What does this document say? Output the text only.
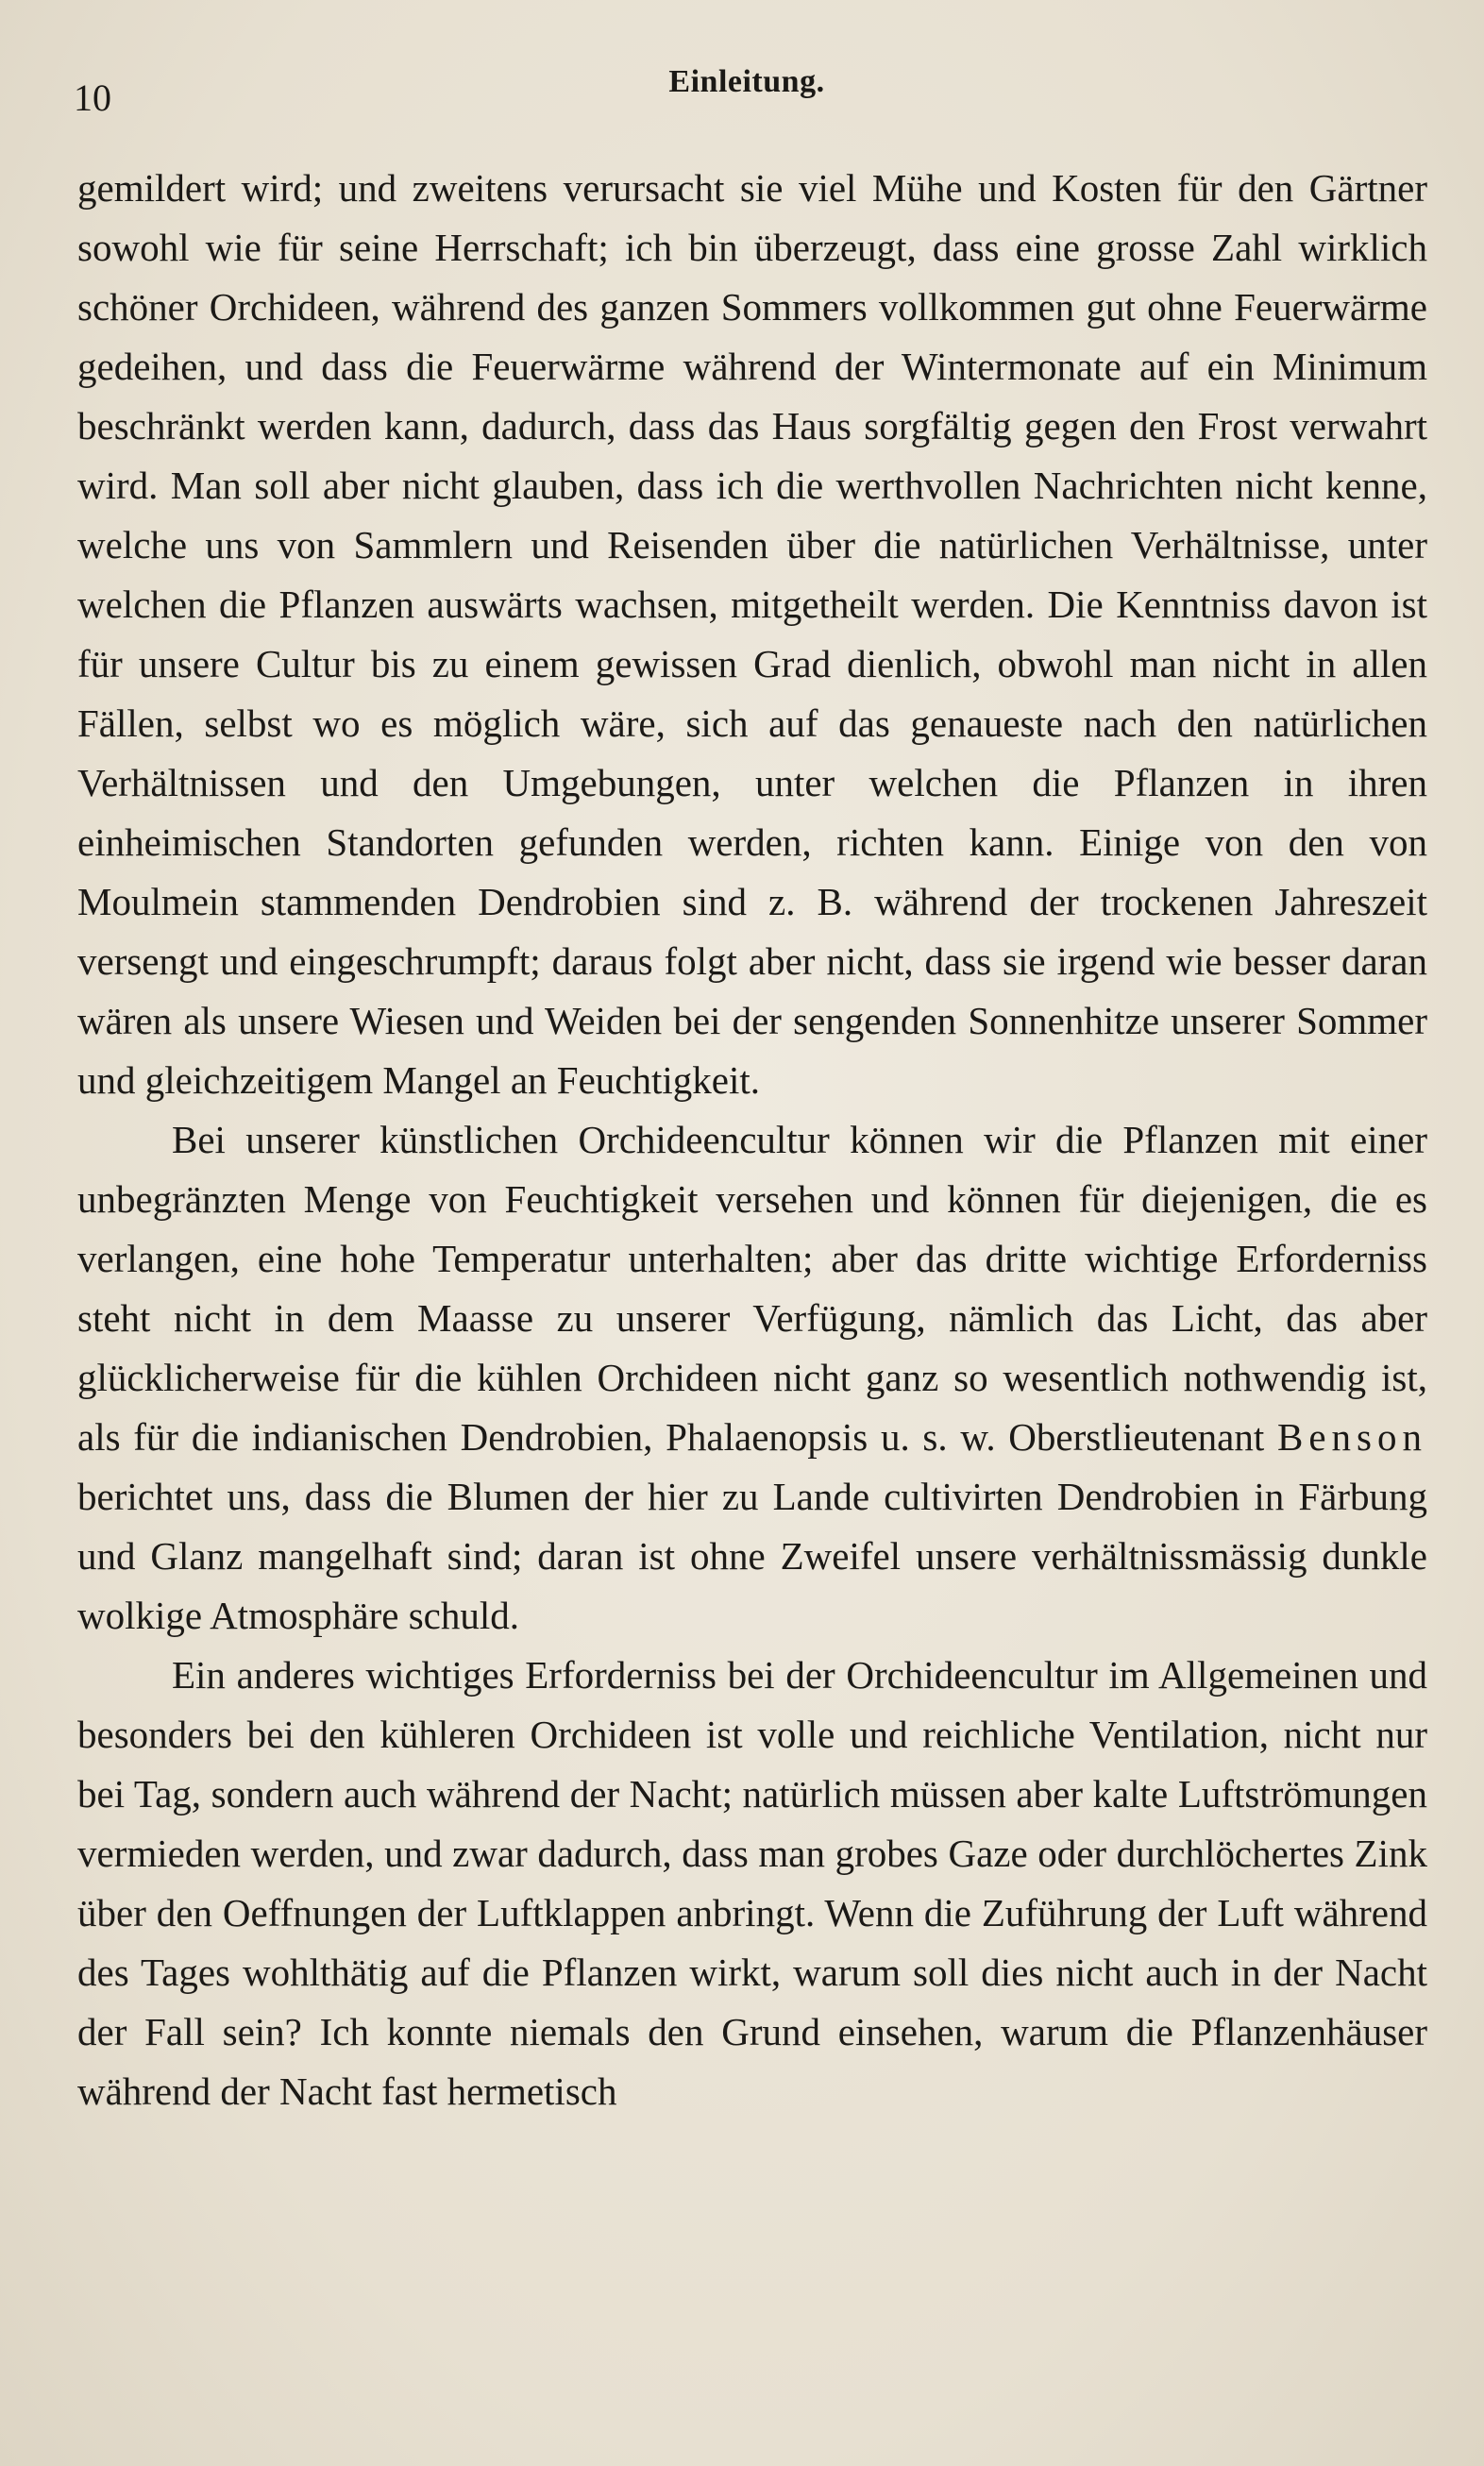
10	Einleitung.

gemildert wird; und zweitens verursacht sie viel Mühe und Kosten für den Gärtner sowohl wie für seine Herrschaft; ich bin überzeugt, dass eine grosse Zahl wirklich schöner Orchideen, während des ganzen Sommers vollkommen gut ohne Feuerwärme gedeihen, und dass die Feuerwärme während der Wintermonate auf ein Minimum beschränkt werden kann, dadurch, dass das Haus sorgfältig gegen den Frost verwahrt wird. Man soll aber nicht glauben, dass ich die werthvollen Nachrichten nicht kenne, welche uns von Sammlern und Reisenden über die natürlichen Verhältnisse, unter welchen die Pflanzen auswärts wachsen, mitgetheilt werden. Die Kenntniss davon ist für unsere Cultur bis zu einem gewissen Grad dienlich, obwohl man nicht in allen Fällen, selbst wo es möglich wäre, sich auf das genaueste nach den natürlichen Verhältnissen und den Umgebungen, unter welchen die Pflanzen in ihren einheimischen Standorten gefunden werden, richten kann. Einige von den von Moulmein stammenden Dendrobien sind z. B. während der trockenen Jahreszeit versengt und eingeschrumpft; daraus folgt aber nicht, dass sie irgend wie besser daran wären als unsere Wiesen und Weiden bei der sengenden Sonnenhitze unserer Sommer und gleichzeitigem Mangel an Feuchtigkeit.

Bei unserer künstlichen Orchideencultur können wir die Pflanzen mit einer unbegränzten Menge von Feuchtigkeit versehen und können für diejenigen, die es verlangen, eine hohe Temperatur unterhalten; aber das dritte wichtige Erforderniss steht nicht in dem Maasse zu unserer Verfügung, nämlich das Licht, das aber glücklicherweise für die kühlen Orchideen nicht ganz so wesentlich nothwendig ist, als für die indianischen Dendrobien, Phalaenopsis u. s. w. Oberstlieutenant Benson berichtet uns, dass die Blumen der hier zu Lande cultivirten Dendrobien in Färbung und Glanz mangelhaft sind; daran ist ohne Zweifel unsere verhältnissmässig dunkle wolkige Atmosphäre schuld.

Ein anderes wichtiges Erforderniss bei der Orchideencultur im Allgemeinen und besonders bei den kühleren Orchideen ist volle und reichliche Ventilation, nicht nur bei Tag, sondern auch während der Nacht; natürlich müssen aber kalte Luftströmungen vermieden werden, und zwar dadurch, dass man grobes Gaze oder durchlöchertes Zink über den Oeffnungen der Luftklappen anbringt. Wenn die Zuführung der Luft während des Tages wohlthätig auf die Pflanzen wirkt, warum soll dies nicht auch in der Nacht der Fall sein? Ich konnte niemals den Grund einsehen, warum die Pflanzenhäuser während der Nacht fast hermetisch
